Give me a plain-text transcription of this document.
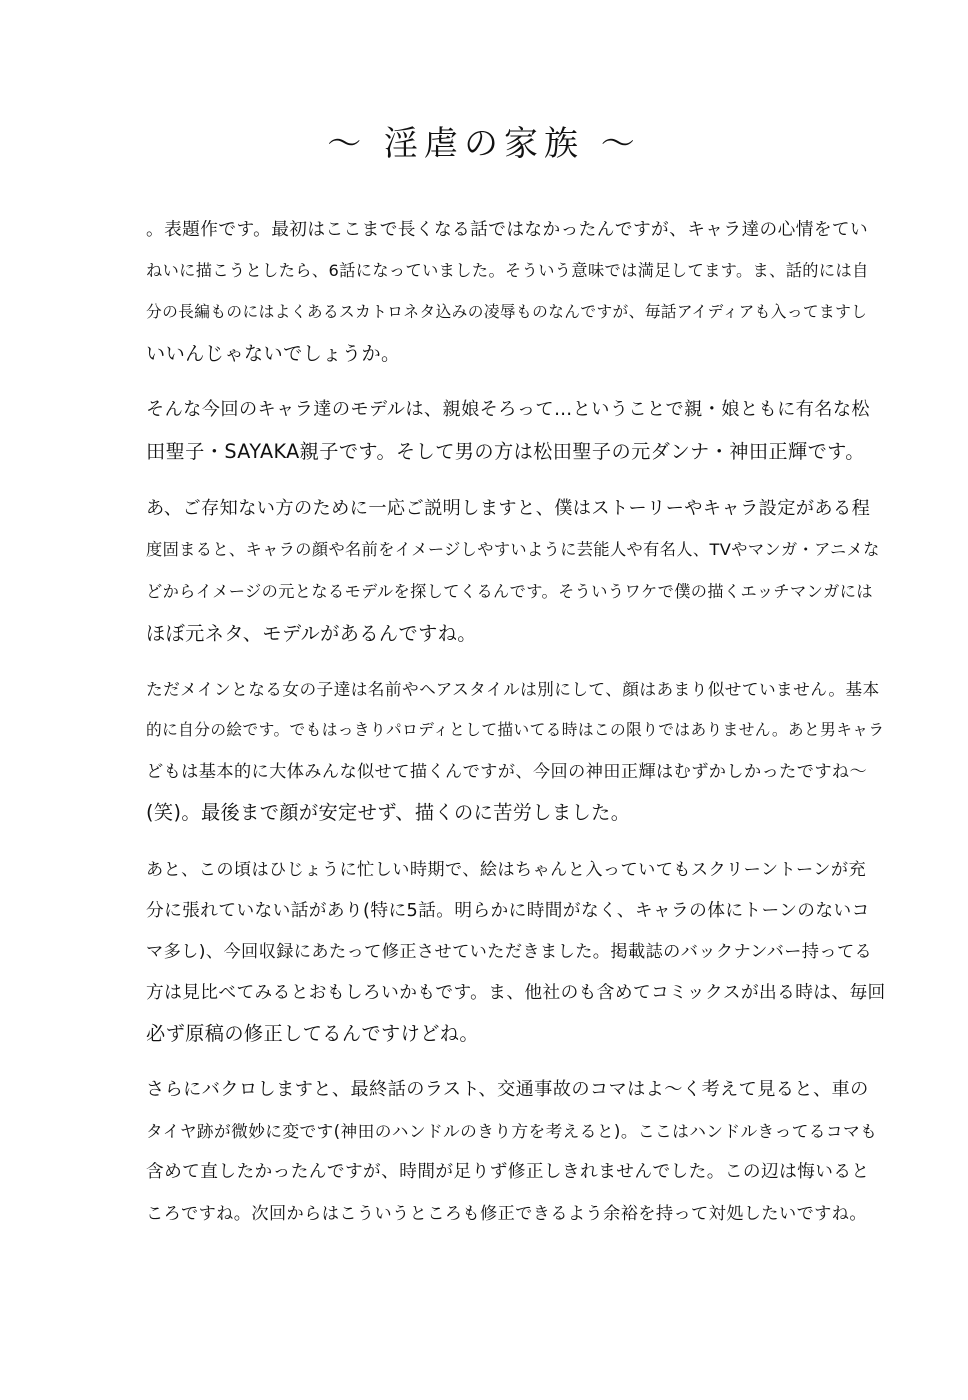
〜 淫虐の家族 〜
。表題作です。最初はここまで長くなる話ではなかったんですが、キャラ達の心情をてい
ねいに描こうとしたら、6話になっていました。そういう意味では満足してます。ま、話的には自
分の長編ものにはよくあるスカトロネタ込みの凌辱ものなんですが、毎話アイディアも入ってますし
いいんじゃないでしょうか。
そんな今回のキャラ達のモデルは、親娘そろって…ということで親・娘ともに有名な松
田聖子・SAYAKA親子です。そして男の方は松田聖子の元ダンナ・神田正輝です。
あ、ご存知ない方のために一応ご説明しますと、僕はストーリーやキャラ設定がある程
度固まると、キャラの顔や名前をイメージしやすいように芸能人や有名人、TVやマンガ・アニメな
どからイメージの元となるモデルを探してくるんです。そういうワケで僕の描くエッチマンガには
ほぼ元ネタ、モデルがあるんですね。
ただメインとなる女の子達は名前やヘアスタイルは別にして、顔はあまり似せていません。基本
的に自分の絵です。でもはっきりパロディとして描いてる時はこの限りではありません。あと男キャラ
どもは基本的に大体みんな似せて描くんですが、今回の神田正輝はむずかしかったですね〜
(笑)。最後まで顔が安定せず、描くのに苦労しました。
あと、この頃はひじょうに忙しい時期で、絵はちゃんと入っていてもスクリーントーンが充
分に張れていない話があり(特に5話。明らかに時間がなく、キャラの体にトーンのないコ
マ多し)、今回収録にあたって修正させていただきました。掲載誌のバックナンバー持ってる
方は見比べてみるとおもしろいかもです。ま、他社のも含めてコミックスが出る時は、毎回
必ず原稿の修正してるんですけどね。
さらにバクロしますと、最終話のラスト、交通事故のコマはよ〜く考えて見ると、車の
タイヤ跡が微妙に変です(神田のハンドルのきり方を考えると)。ここはハンドルきってるコマも
含めて直したかったんですが、時間が足りず修正しきれませんでした。この辺は悔いると
ころですね。次回からはこういうところも修正できるよう余裕を持って対処したいですね。
